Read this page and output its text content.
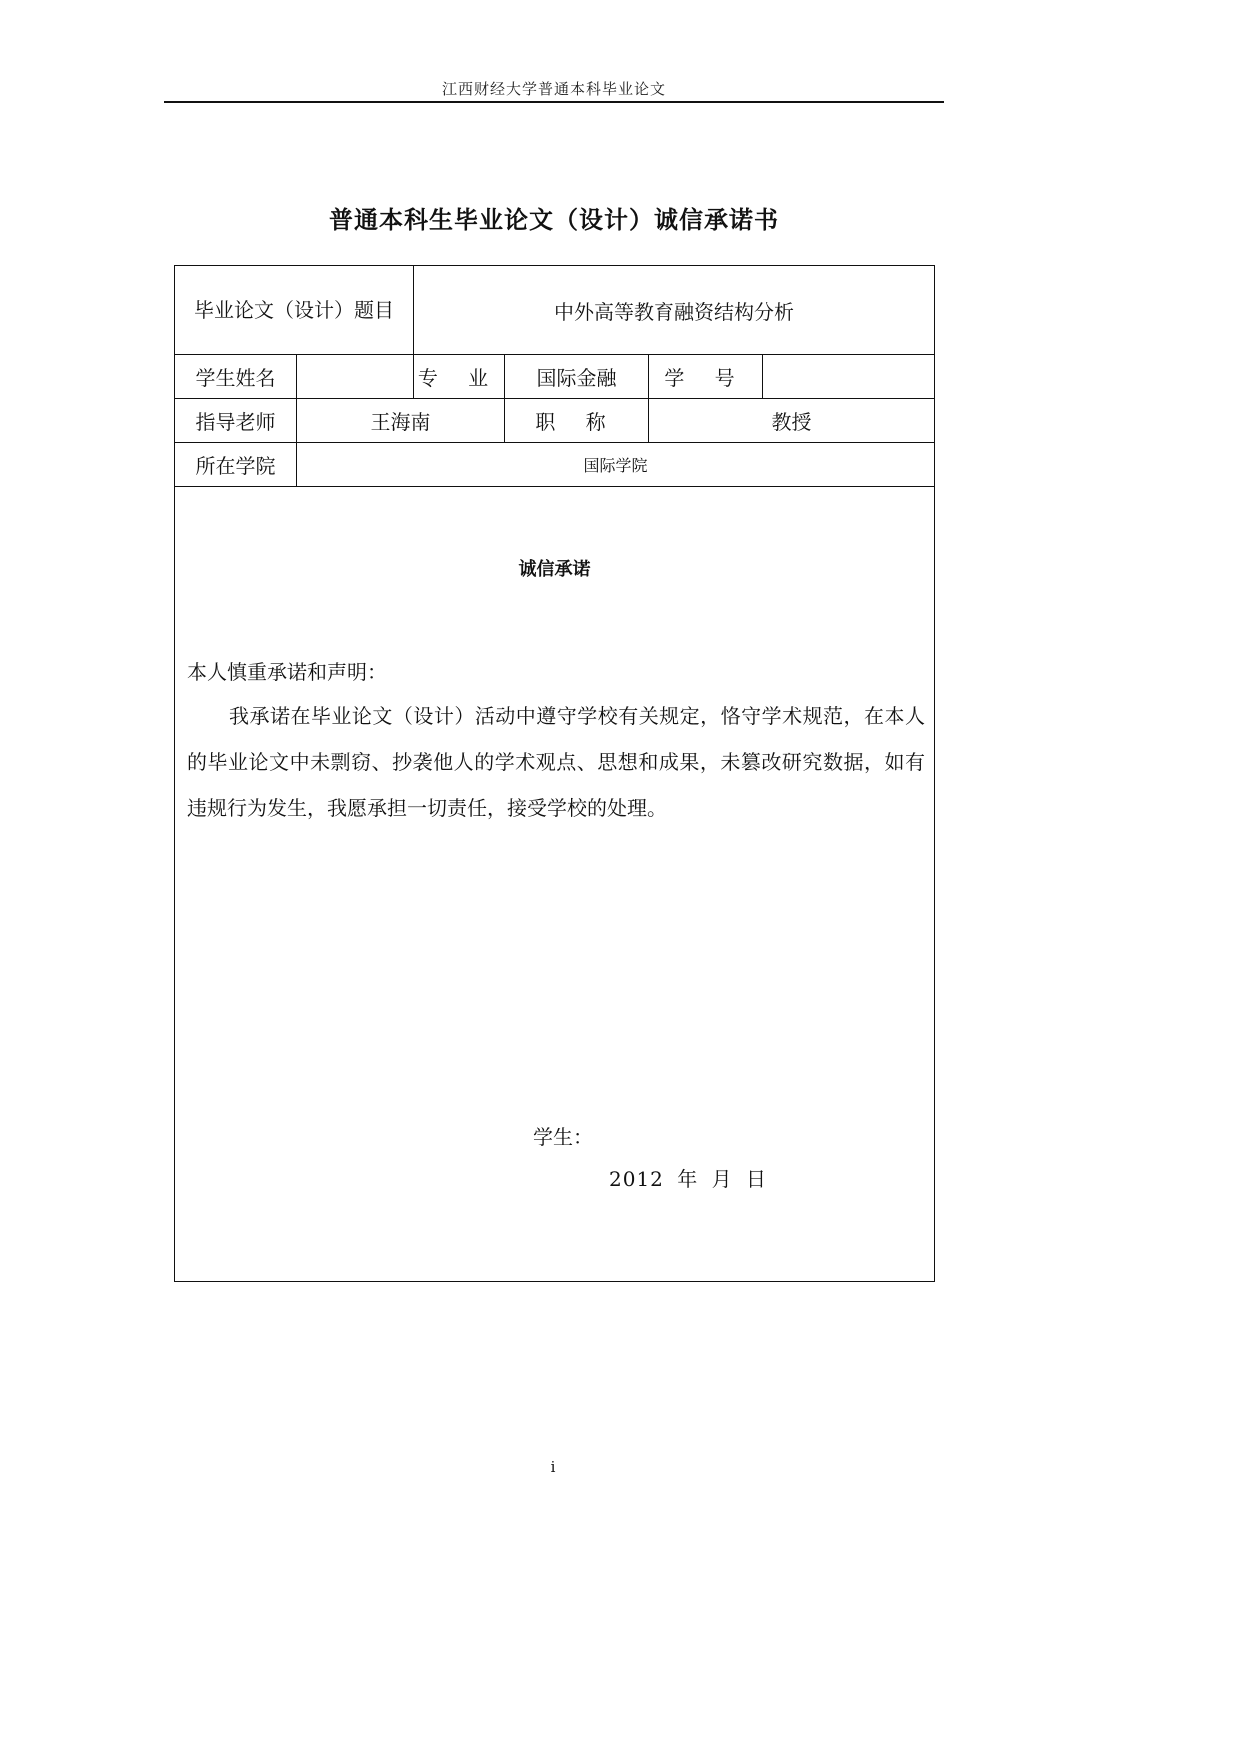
江西财经大学普通本科毕业论文
普通本科生毕业论文（设计）诚信承诺书
毕业论文（设计）题目		中外高等教育融资结构分析			
学生姓名		专 业	国际金融	学 号	
指导老师	王海南		职 称	教授	
所在学院	国际学院				

诚信承诺
本人慎重承诺和声明：
我承诺在毕业论文（设计）活动中遵守学校有关规定，恪守学术规范，在本人的毕业论文中未剽窃、抄袭他人的学术观点、思想和成果，未篡改研究数据，如有违规行为发生，我愿承担一切责任，接受学校的处理。
学生：
2012 年 月 日					
i
